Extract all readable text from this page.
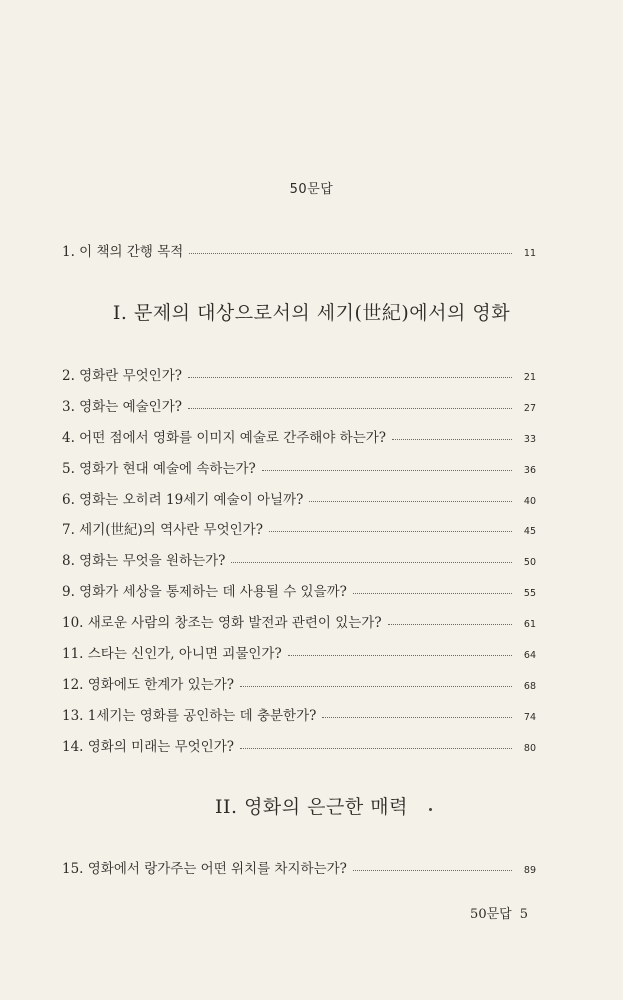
50문답
1. 이 책의 간행 목적	11
I. 문제의 대상으로서의 세기(世紀)에서의 영화
2. 영화란 무엇인가?	21
3. 영화는 예술인가?	27
4. 어떤 점에서 영화를 이미지 예술로 간주해야 하는가?	33
5. 영화가 현대 예술에 속하는가?	36
6. 영화는 오히려 19세기 예술이 아닐까?	40
7. 세기(世紀)의 역사란 무엇인가?	45
8. 영화는 무엇을 원하는가?	50
9. 영화가 세상을 통제하는 데 사용될 수 있을까?	55
10. 새로운 사람의 창조는 영화 발전과 관련이 있는가?	61
11. 스타는 신인가, 아니면 괴물인가?	64
12. 영화에도 한계가 있는가?	68
13. 1세기는 영화를 공인하는 데 충분한가?	74
14. 영화의 미래는 무엇인가?	80
II. 영화의 은근한 매력
15. 영화에서 랑가주는 어떤 위치를 차지하는가?	89
50문답 5
